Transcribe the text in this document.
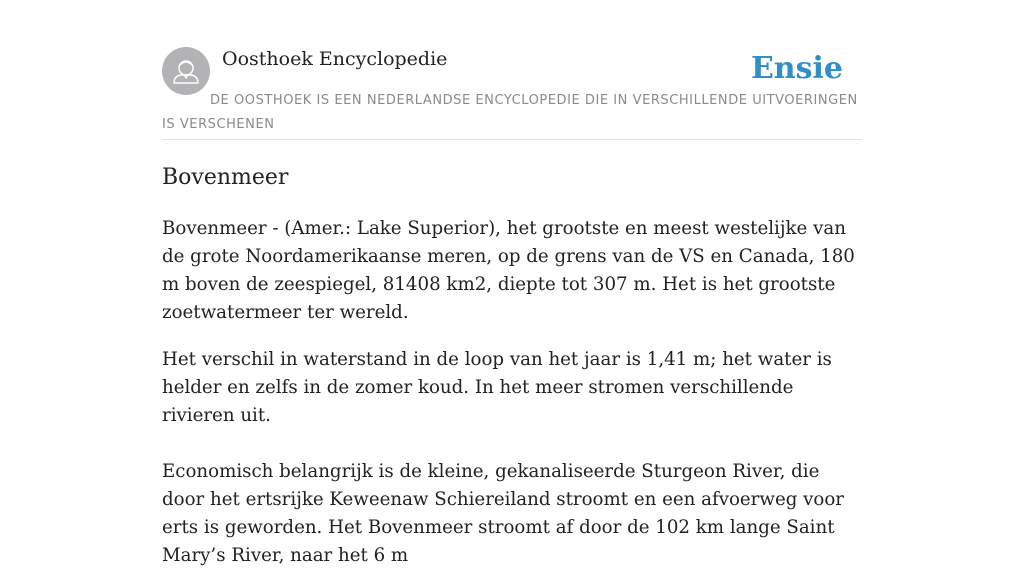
Oosthoek Encyclopedie	Ensie

DE OOSTHOEK IS EEN NEDERLANDSE ENCYCLOPEDIE DIE IN VERSCHILLENDE UITVOERINGEN IS VERSCHENEN

Bovenmeer

Bovenmeer - (Amer.: Lake Superior), het grootste en meest westelijke van de grote Noordamerikaanse meren, op de grens van de VS en Canada, 180 m boven de zeespiegel, 81408 km2, diepte tot 307 m. Het is het grootste zoetwatermeer ter wereld.

Het verschil in waterstand in de loop van het jaar is 1,41 m; het water is helder en zelfs in de zomer koud. In het meer stromen verschillende rivieren uit.

Economisch belangrijk is de kleine, gekanaliseerde Sturgeon River, die door het ertsrijke Keweenaw Schiereiland stroomt en een afvoerweg voor erts is geworden. Het Bovenmeer stroomt af door de 102 km lange Saint Mary’s River, naar het 6 m
